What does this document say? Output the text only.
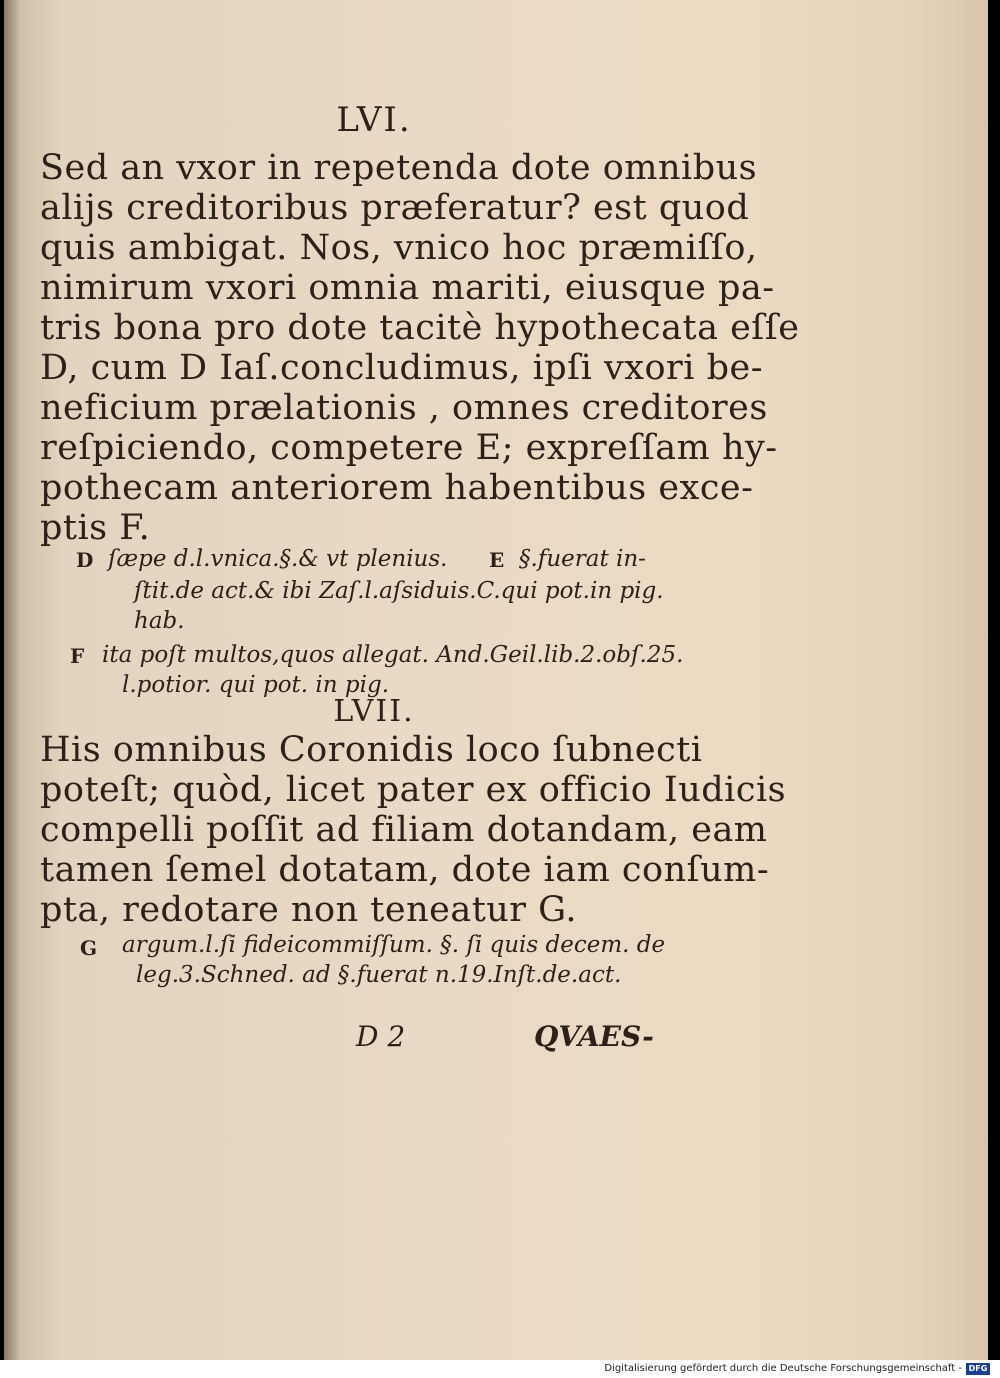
LVI.
Sed an vxor in repetenda dote omnibus
aliјs creditoribus præferatur? est quod
quis ambigat. Nos, vnico hoc præmiſſo,
nimirum vxori omnia mariti, eiusque pa-
tris bona pro dote tacitè hypothecata eſſe
D, cum D Iaſ.concludimus, ipſi vxori be-
neficium prælationis , omnes creditores
reſpiciendo, competere E; expreſſam hy-
pothecam anteriorem habentibus exce-
ptis F.
D ſæpe d.l.vnica.§.& vt plenius. E §.fuerat in-
ſtit.de act.& ibi Zaſ.l.aſsiduis.C.qui pot.in pig.
hab.
F ita poſt multos,quos allegat. And.Geil.lib.2.obſ.25.
l.potior. qui pot. in pig.
LVII.
His omnibus Coronidis loco ſubnecti
poteſt; quòd, licet pater ex officio Iudicis
compelli poſſit ad filiam dotandam, eam
tamen ſemel dotatam, dote iam conſum-
pta, redotare non teneatur G.
G argum.l.ſi fideicommiſſum. §. ſi quis decem. de
leg.3.Schned. ad §.fuerat n.19.Inſt.de.act.
D 2	QVAES-
Digitalisierung gefördert durch die Deutsche Forschungsgemeinschaft - DFG
